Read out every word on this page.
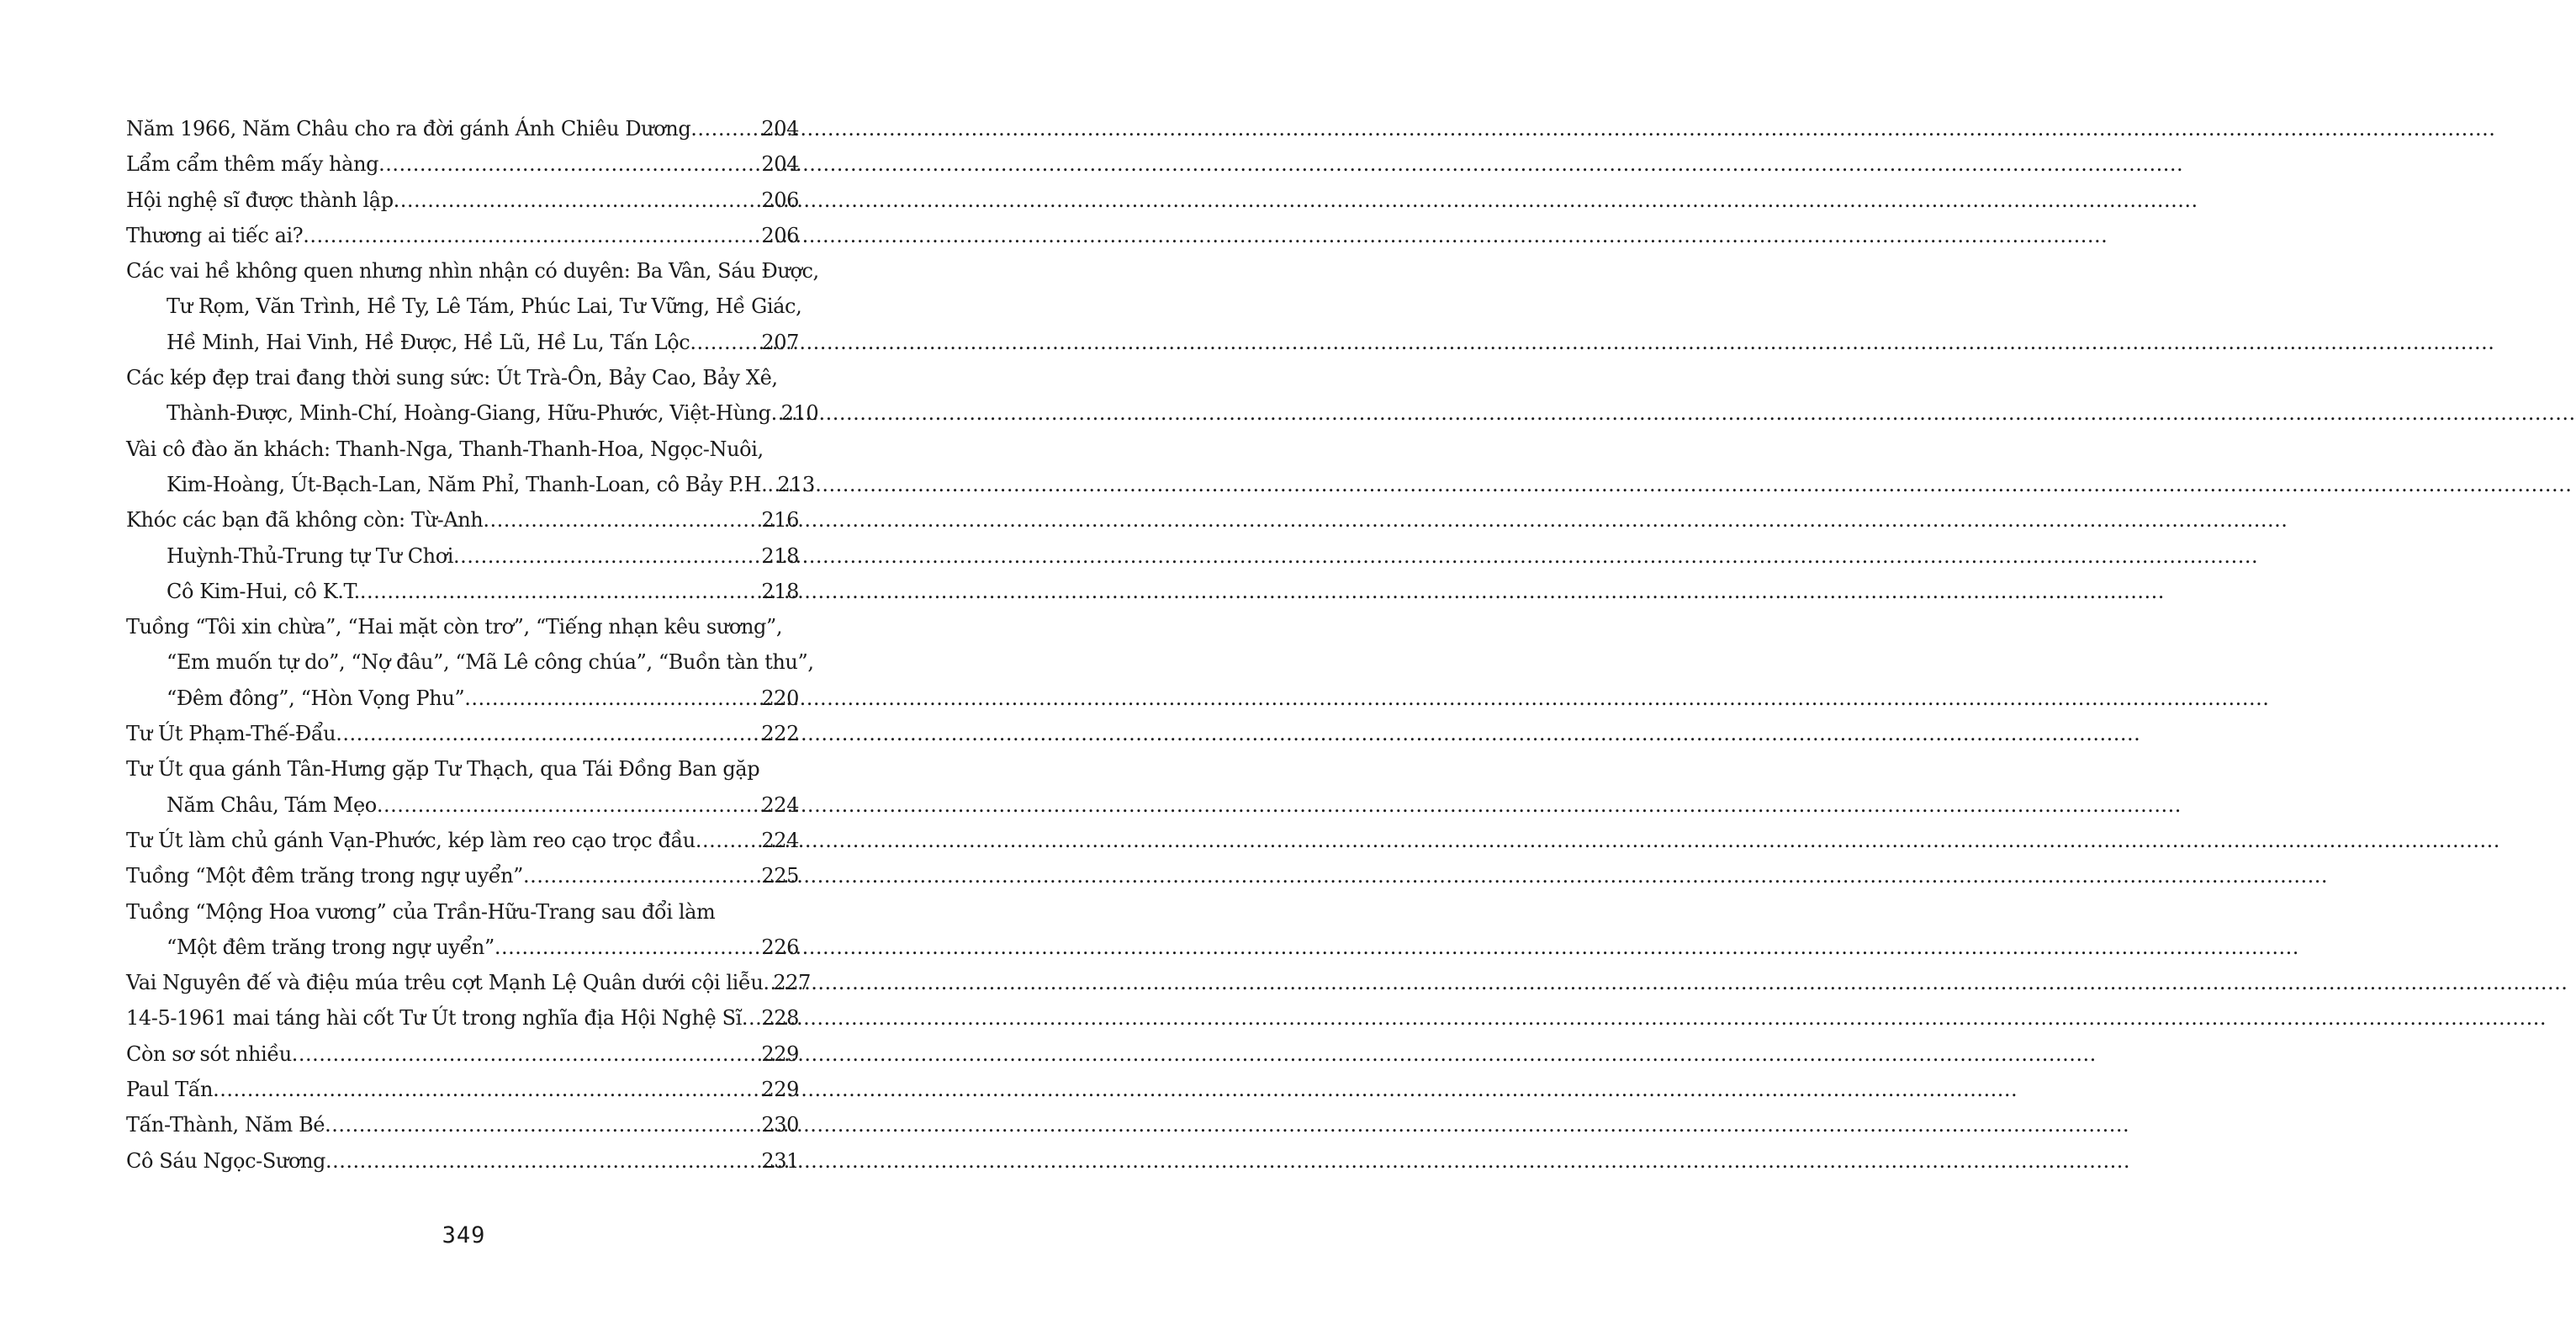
Năm 1966, Năm Châu cho ra đời gánh Ánh Chiêu Dương .....	204
Lẩm cẩm thêm mấy hàng .....	204
Hội nghệ sĩ được thành lập .....	206
Thương ai tiếc ai? .....	206
Các vai hề không quen nhưng nhìn nhận có duyên: Ba Vân, Sáu Được,
Tư Rọm, Văn Trình, Hề Ty, Lê Tám, Phúc Lai, Tư Vững, Hề Giác,
Hề Minh, Hai Vinh, Hề Được, Hề Lũ, Hề Lu, Tấn Lộc .....	207
Các kép đẹp trai đang thời sung sức: Út Trà-Ôn, Bảy Cao, Bảy Xê,
Thành-Được, Minh-Chí, Hoàng-Giang, Hữu-Phước, Việt-Hùng ..... 210
Vài cô đào ăn khách: Thanh-Nga, Thanh-Thanh-Hoa, Ngọc-Nuôi,
Kim-Hoàng, Út-Bạch-Lan, Năm Phỉ, Thanh-Loan, cô Bảy P.H. ..... 213
Khóc các bạn đã không còn: Từ-Anh .....	216
Huỳnh-Thủ-Trung tự Tư Chơi .....	218
Cô Kim-Hui, cô K.T. .....	218
Tuồng “Tôi xin chừa”, “Hai mặt còn trơ”, “Tiếng nhạn kêu sương”,
“Em muốn tự do”, “Nợ đâu”, “Mã Lê công chúa”, “Buồn tàn thu”,
“Đêm đông”, “Hòn Vọng Phu” .....	220
Tư Út Phạm-Thế-Đẩu .....	222
Tư Út qua gánh Tân-Hưng gặp Tư Thạch, qua Tái Đồng Ban gặp
Năm Châu, Tám Mẹo .....	224
Tư Út làm chủ gánh Vạn-Phước, kép làm reo cạo trọc đầu .....	224
Tuồng “Một đêm trăng trong ngự uyển” .....	225
Tuồng “Mộng Hoa vương” của Trần-Hữu-Trang sau đổi làm
“Một đêm trăng trong ngự uyển” .....	226
Vai Nguyên đế và điệu múa trêu cợt Mạnh Lệ Quân dưới cội liễu ..... 227
14-5-1961 mai táng hài cốt Tư Út trong nghĩa địa Hội Nghệ Sĩ ..... 228
Còn sơ sót nhiều .....	229
Paul Tấn .....	229
Tấn-Thành, Năm Bé .....	230
Cô Sáu Ngọc-Sương .....	231
349
